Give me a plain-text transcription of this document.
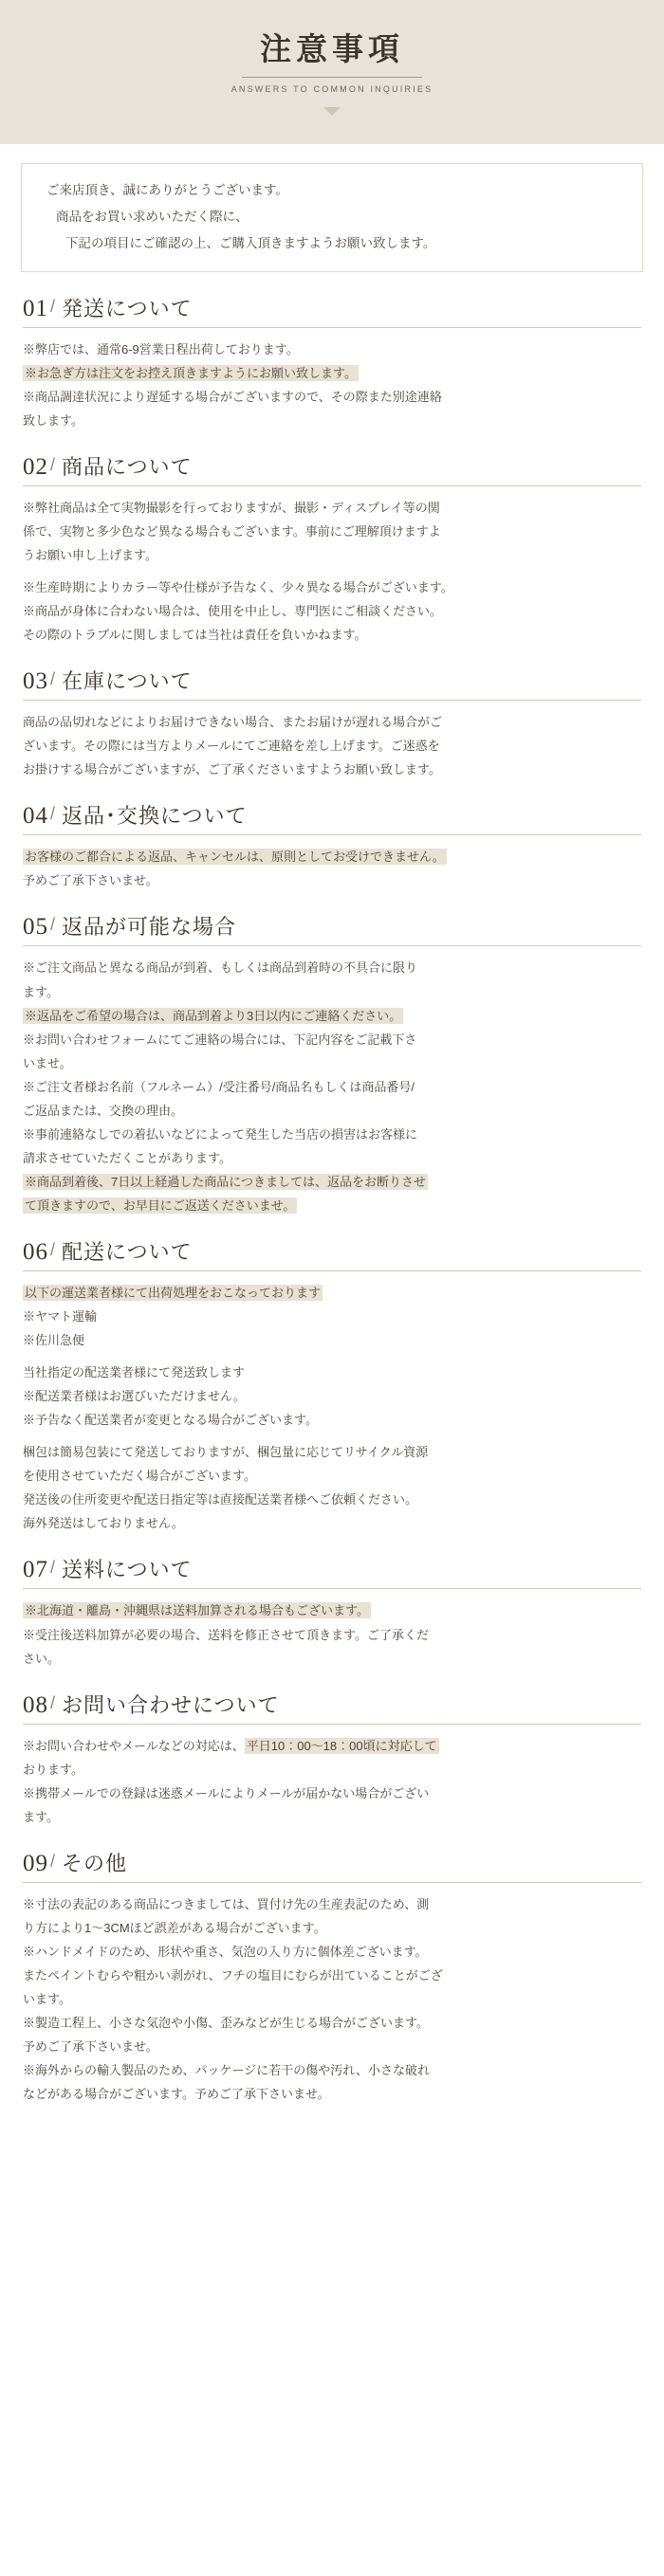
注意事項
ANSWERS TO COMMON INQUIRIES

ご来店頂き、誠にありがとうございます。

商品をお買い求めいただく際に、

下記の項目にご確認の上、ご購入頂きますようお願い致します。

01 / 発送について

※弊店では、通常6-9営業日程出荷しております。

※お急ぎ方は注文をお控え頂きますようにお願い致します。

※商品調達状況により遅延する場合がございますので、その際また別途連絡

致します。

02 / 商品について

※弊社商品は全て実物撮影を行っておりますが、撮影・ディスプレイ等の関

係で、実物と多少色など異なる場合もございます。事前にご理解頂けますよ

うお願い申し上げます。

※生産時期によりカラー等や仕様が予告なく、少々異なる場合がございます。

※商品が身体に合わない場合は、使用を中止し、専門医にご相談ください。

その際のトラブルに関しましては当社は責任を負いかねます。

03 / 在庫について

商品の品切れなどによりお届けできない場合、またお届けが遅れる場合がご

ざいます。その際には当方よりメールにてご連絡を差し上げます。ご迷惑を

お掛けする場合がございますが、ご了承くださいますようお願い致します。

04 / 返品･交換について

お客様のご都合による返品、キャンセルは、原則としてお受けできません。

予めご了承下さいませ。

05 / 返品が可能な場合

※ご注文商品と異なる商品が到着、もしくは商品到着時の不具合に限り

ます。

※返品をご希望の場合は、商品到着より3日以内にご連絡ください。

※お問い合わせフォームにてご連絡の場合には、下記内容をご記載下さ

いませ。

※ご注文者様お名前（フルネーム）/受注番号/商品名もしくは商品番号/

ご返品または、交換の理由。

※事前連絡なしでの着払いなどによって発生した当店の損害はお客様に

請求させていただくことがあります。

※商品到着後、7日以上経過した商品につきましては、返品をお断りさせ

て頂きますので、お早目にご返送くださいませ。

06 / 配送について

以下の運送業者様にて出荷処理をおこなっております

※ヤマト運輸

※佐川急便

当社指定の配送業者様にて発送致します

※配送業者様はお選びいただけません。

※予告なく配送業者が変更となる場合がございます。

梱包は簡易包装にて発送しておりますが、梱包量に応じてリサイクル資源

を使用させていただく場合がございます。

発送後の住所変更や配送日指定等は直接配送業者様へご依頼ください。

海外発送はしておりません。

07 / 送料について

※北海道・離島・沖縄県は送料加算される場合もございます。

※受注後送料加算が必要の場合、送料を修正させて頂きます。ご了承くだ

さい。

08 / お問い合わせについて

※お問い合わせやメールなどの対応は、 平日10：00～18：00頃に対応して

おります。

※携帯メールでの登録は迷惑メールによりメールが届かない場合がござい

ます。

09 / その他

※寸法の表記のある商品につきましては、買付け先の生産表記のため、測

り方により1～3CMほど誤差がある場合がございます。

※ハンドメイドのため、形状や重さ、気泡の入り方に個体差ございます。

またペイントむらや粗かい剥がれ、フチの塩目にむらが出ていることがござ

います。

※製造工程上、小さな気泡や小傷、歪みなどが生じる場合がございます。

予めご了承下さいませ。

※海外からの輸入製品のため、パッケージに若干の傷や汚れ、小さな破れ

などがある場合がございます。予めご了承下さいませ。
